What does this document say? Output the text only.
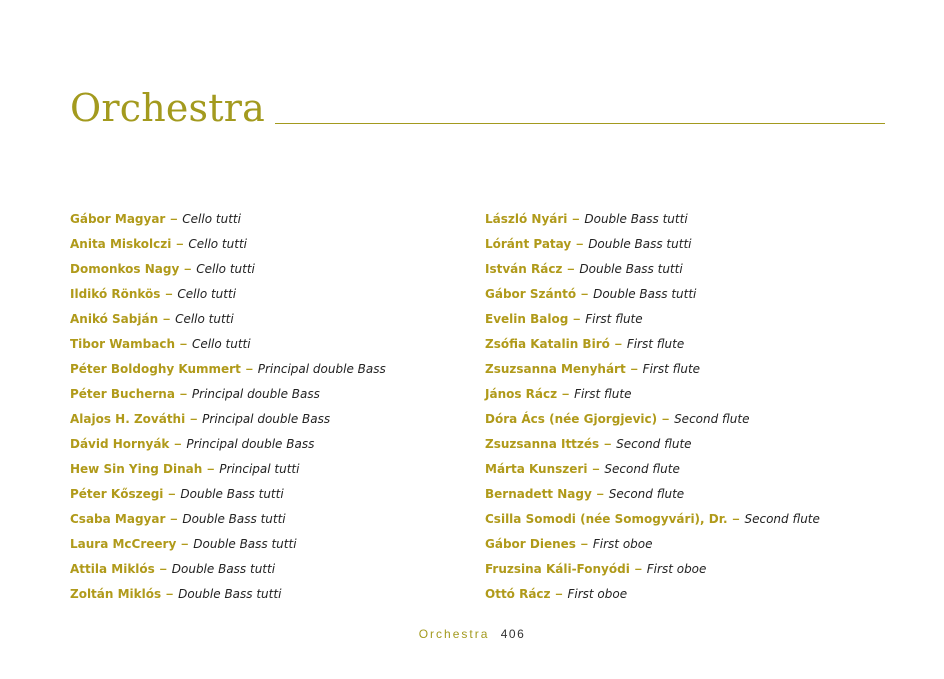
Orchestra
Gábor Magyar – Cello tutti
Anita Miskolczi – Cello tutti
Domonkos Nagy – Cello tutti
Ildikó Rönkös – Cello tutti
Anikó Sabján – Cello tutti
Tibor Wambach – Cello tutti
Péter Boldoghy Kummert – Principal double Bass
Péter Bucherna – Principal double Bass
Alajos H. Zováthi – Principal double Bass
Dávid Hornyák – Principal double Bass
Hew Sin Ying Dinah – Principal tutti
Péter Kőszegi – Double Bass tutti
Csaba Magyar – Double Bass tutti
Laura McCreery – Double Bass tutti
Attila Miklós – Double Bass tutti
Zoltán Miklós – Double Bass tutti
László Nyári – Double Bass tutti
Lóránt Patay – Double Bass tutti
István Rácz – Double Bass tutti
Gábor Szántó – Double Bass tutti
Evelin Balog – First flute
Zsófia Katalin Biró – First flute
Zsuzsanna Menyhárt – First flute
János Rácz – First flute
Dóra Ács (née Gjorgjevic) – Second flute
Zsuzsanna Ittzés – Second flute
Márta Kunszeri – Second flute
Bernadett Nagy – Second flute
Csilla Somodi (née Somogyvári), Dr. – Second flute
Gábor Dienes – First oboe
Fruzsina Káli-Fonyódi – First oboe
Ottó Rácz – First oboe
Orchestra 406
